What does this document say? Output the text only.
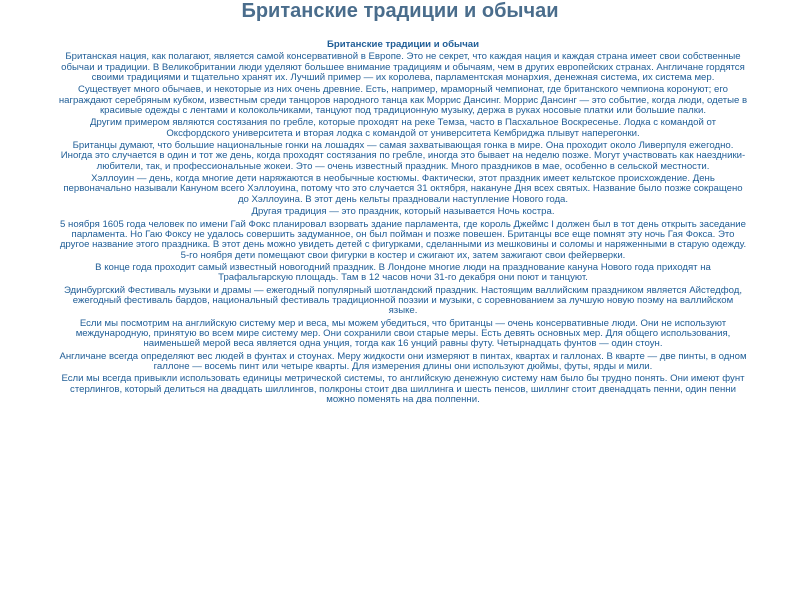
Британские традиции и обычаи
Британские традиции и обычаи

Британская нация, как полагают, является самой консервативной в Европе. Это не секрет, что каждая нация и каждая страна имеет свои собственные обычаи и традиции. В Великобритании люди уделяют большее внимание традициям и обычаям, чем в других европейских странах. Англичане гордятся своими традициями и тщательно хранят их. Лучший пример — их королева, парламентская монархия, денежная система, их система мер.

Существует много обычаев, и некоторые из них очень древние. Есть, например, мраморный чемпионат, где британского чемпиона коронуют; его награждают серебряным кубком, известным среди танцоров народного танца как Моррис Дансинг. Моррис Дансинг — это событие, когда люди, одетые в красивые одежды с лентами и колокольчиками, танцуют под традиционную музыку, держа в руках носовые платки или большие палки.

Другим примером являются состязания по гребле, которые проходят на реке Темза, часто в Пасхальное Воскресенье. Лодка с командой от Оксфордского университета и вторая лодка с командой от университета Кембриджа плывут наперегонки.

Британцы думают, что большие национальные гонки на лошадях — самая захватывающая гонка в мире. Она проходит около Ливерпуля ежегодно. Иногда это случается в один и тот же день, когда проходят состязания по гребле, иногда это бывает на неделю позже. Могут участвовать как наездники-любители, так, и профессиональные жокеи. Это — очень известный праздник. Много праздников в мае, особенно в сельской местности.

Хэллоуин — день, когда многие дети наряжаются в необычные костюмы. Фактически, этот праздник имеет кельтское происхождение. День первоначально называли Кануном всего Хэллоуина, потому что это случается 31 октября, накануне Дня всех святых. Название было позже сокращено до Хэллоуина. В этот день кельты праздновали наступление Нового года.

Другая традиция — это праздник, который называется Ночь костра.

5 ноября 1605 года человек по имени Гай Фокс планировал взорвать здание парламента, где король Джеймс I должен был в тот день открыть заседание парламента. Но Гаю Фоксу не удалось совершить задуманное, он был пойман и позже повешен. Британцы все еще помнят эту ночь Гая Фокса. Это другое название этого праздника. В этот день можно увидеть детей с фигурками, сделанными из мешковины и соломы и наряженными в старую одежду. 5-го ноября дети помещают свои фигурки в костер и сжигают их, затем зажигают свои фейерверки.

В конце года проходит самый известный новогодний праздник. В Лондоне многие люди на празднование кануна Нового года приходят на Трафальгарскую площадь. Там в 12 часов ночи 31-го декабря они поют и танцуют.

Эдинбургский Фестиваль музыки и драмы — ежегодный популярный шотландский праздник. Настоящим валлийским праздником является Айстедфод, ежегодный фестиваль бардов, национальный фестиваль традиционной поэзии и музыки, с соревнованием за лучшую новую поэму на валлийском языке.

Если мы посмотрим на английскую систему мер и веса, мы можем убедиться, что британцы — очень консервативные люди. Они не используют международную, принятую во всем мире систему мер. Они сохранили свои старые меры. Есть девять основных мер. Для общего использования, наименьшей мерой веса является одна унция, тогда как 16 унций равны футу. Четырнадцать фунтов — один стоун.

Англичане всегда определяют вес людей в фунтах и стоунах. Меру жидкости они измеряют в пинтах, квартах и галлонах. В кварте — две пинты, в одном галлоне — восемь пинт или четыре кварты. Для измерения длины они используют дюймы, футы, ярды и мили.

Если мы всегда привыкли использовать единицы метрической системы, то английскую денежную систему нам было бы трудно понять. Они имеют фунт стерлингов, который делиться на двадцать шиллингов, полкроны стоит два шиллинга и шесть пенсов, шиллинг стоит двенадцать пенни, один пенни можно поменять на два полпенни.
